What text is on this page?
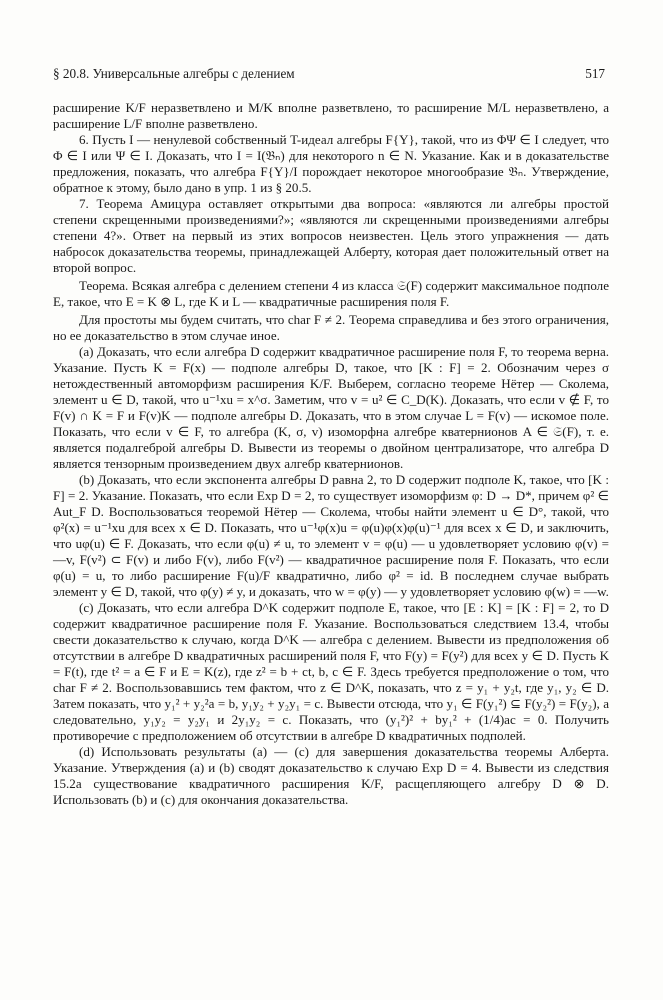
§ 20.8. Универсальные алгебры с делением	517

расширение K/F неразветвлено и M/K вполне разветвлено, то расширение M/L неразветвлено, а расширение L/F вполне разветвлено.

6. Пусть I — ненулевой собственный T-идеал алгебры F{Y}, такой, что из ΦΨ ∈ I следует, что Φ ∈ I или Ψ ∈ I. Доказать, что I = I(𝔅ₙ) для некоторого n ∈ N. Указание. Как и в доказательстве предложения, показать, что алгебра F{Y}/I порождает некоторое многообразие 𝔅ₙ. Утверждение, обратное к этому, было дано в упр. 1 из § 20.5.

7. Теорема Амицура оставляет открытыми два вопроса: «являются ли алгебры простой степени скрещенными произведениями?»; «являются ли скрещенными произведениями алгебры степени 4?». Ответ на первый из этих вопросов неизвестен. Цель этого упражнения — дать набросок доказательства теоремы, принадлежащей Алберту, которая дает положительный ответ на второй вопрос.

Теорема. Всякая алгебра с делением степени 4 из класса 𝔖(F) содержит максимальное подполе E, такое, что E = K ⊗ L, где K и L — квадратичные расширения поля F.

Для простоты мы будем считать, что char F ≠ 2. Теорема справедлива и без этого ограничения, но ее доказательство в этом случае иное.

(a) Доказать, что если алгебра D содержит квадратичное расширение поля F, то теорема верна. Указание. Пусть K = F(x) — подполе алгебры D, такое, что [K : F] = 2. Обозначим через σ нетождественный автоморфизм расширения K/F. Выберем, согласно теореме Нётер — Сколема, элемент u ∈ D, такой, что u⁻¹xu = x^σ. Заметим, что v = u² ∈ C_D(K). Доказать, что если v ∉ F, то F(v) ∩ K = F и F(v)K — подполе алгебры D. Доказать, что в этом случае L = F(v) — искомое поле. Показать, что если v ∈ F, то алгебра (K, σ, v) изоморфна алгебре кватернионов A ∈ 𝔖(F), т. е. является подалгеброй алгебры D. Вывести из теоремы о двойном централизаторе, что алгебра D является тензорным произведением двух алгебр кватернионов.

(b) Доказать, что если экспонента алгебры D равна 2, то D содержит подполе K, такое, что [K : F] = 2. Указание. Показать, что если Exp D = 2, то существует изоморфизм φ: D → D*, причем φ² ∈ Aut_F D. Воспользоваться теоремой Нётер — Сколема, чтобы найти элемент u ∈ D°, такой, что φ²(x) = u⁻¹xu для всех x ∈ D. Показать, что u⁻¹φ(x)u = φ(u)φ(x)φ(u)⁻¹ для всех x ∈ D, и заключить, что uφ(u) ∈ F. Доказать, что если φ(u) ≠ u, то элемент v = φ(u) — u удовлетворяет условию φ(v) = —v, F(v²) ⊂ F(v) и либо F(v), либо F(v²) — квадратичное расширение поля F. Показать, что если φ(u) = u, то либо расширение F(u)/F квадратично, либо φ² = id. В последнем случае выбрать элемент y ∈ D, такой, что φ(y) ≠ y, и доказать, что w = φ(y) — y удовлетворяет условию φ(w) = —w.

(c) Доказать, что если алгебра D^K содержит подполе E, такое, что [E : K] = [K : F] = 2, то D содержит квадратичное расширение поля F. Указание. Воспользоваться следствием 13.4, чтобы свести доказательство к случаю, когда D^K — алгебра с делением. Вывести из предположения об отсутствии в алгебре D квадратичных расширений поля F, что F(y) = F(y²) для всех y ∈ D. Пусть K = F(t), где t² = a ∈ F и E = K(z), где z² = b + ct, b, c ∈ F. Здесь требуется предположение о том, что char F ≠ 2. Воспользовавшись тем фактом, что z ∈ D^K, показать, что z = y₁ + y₂t, где y₁, y₂ ∈ D. Затем показать, что y₁² + y₂²a = b, y₁y₂ + y₂y₁ = c. Вывести отсюда, что y₁ ∈ F(y₁²) ⊆ F(y₂²) = F(y₂), а следовательно, y₁y₂ = y₂y₁ и 2y₁y₂ = c. Показать, что (y₁²)² + by₁² + (1/4)ac = 0. Получить противоречие с предположением об отсутствии в алгебре D квадратичных подполей.

(d) Использовать результаты (a) — (c) для завершения доказательства теоремы Алберта. Указание. Утверждения (a) и (b) сводят доказательство к случаю Exp D = 4. Вывести из следствия 15.2a существование квадратичного расширения K/F, расщепляющего алгебру D ⊗ D. Использовать (b) и (c) для окончания доказательства.
